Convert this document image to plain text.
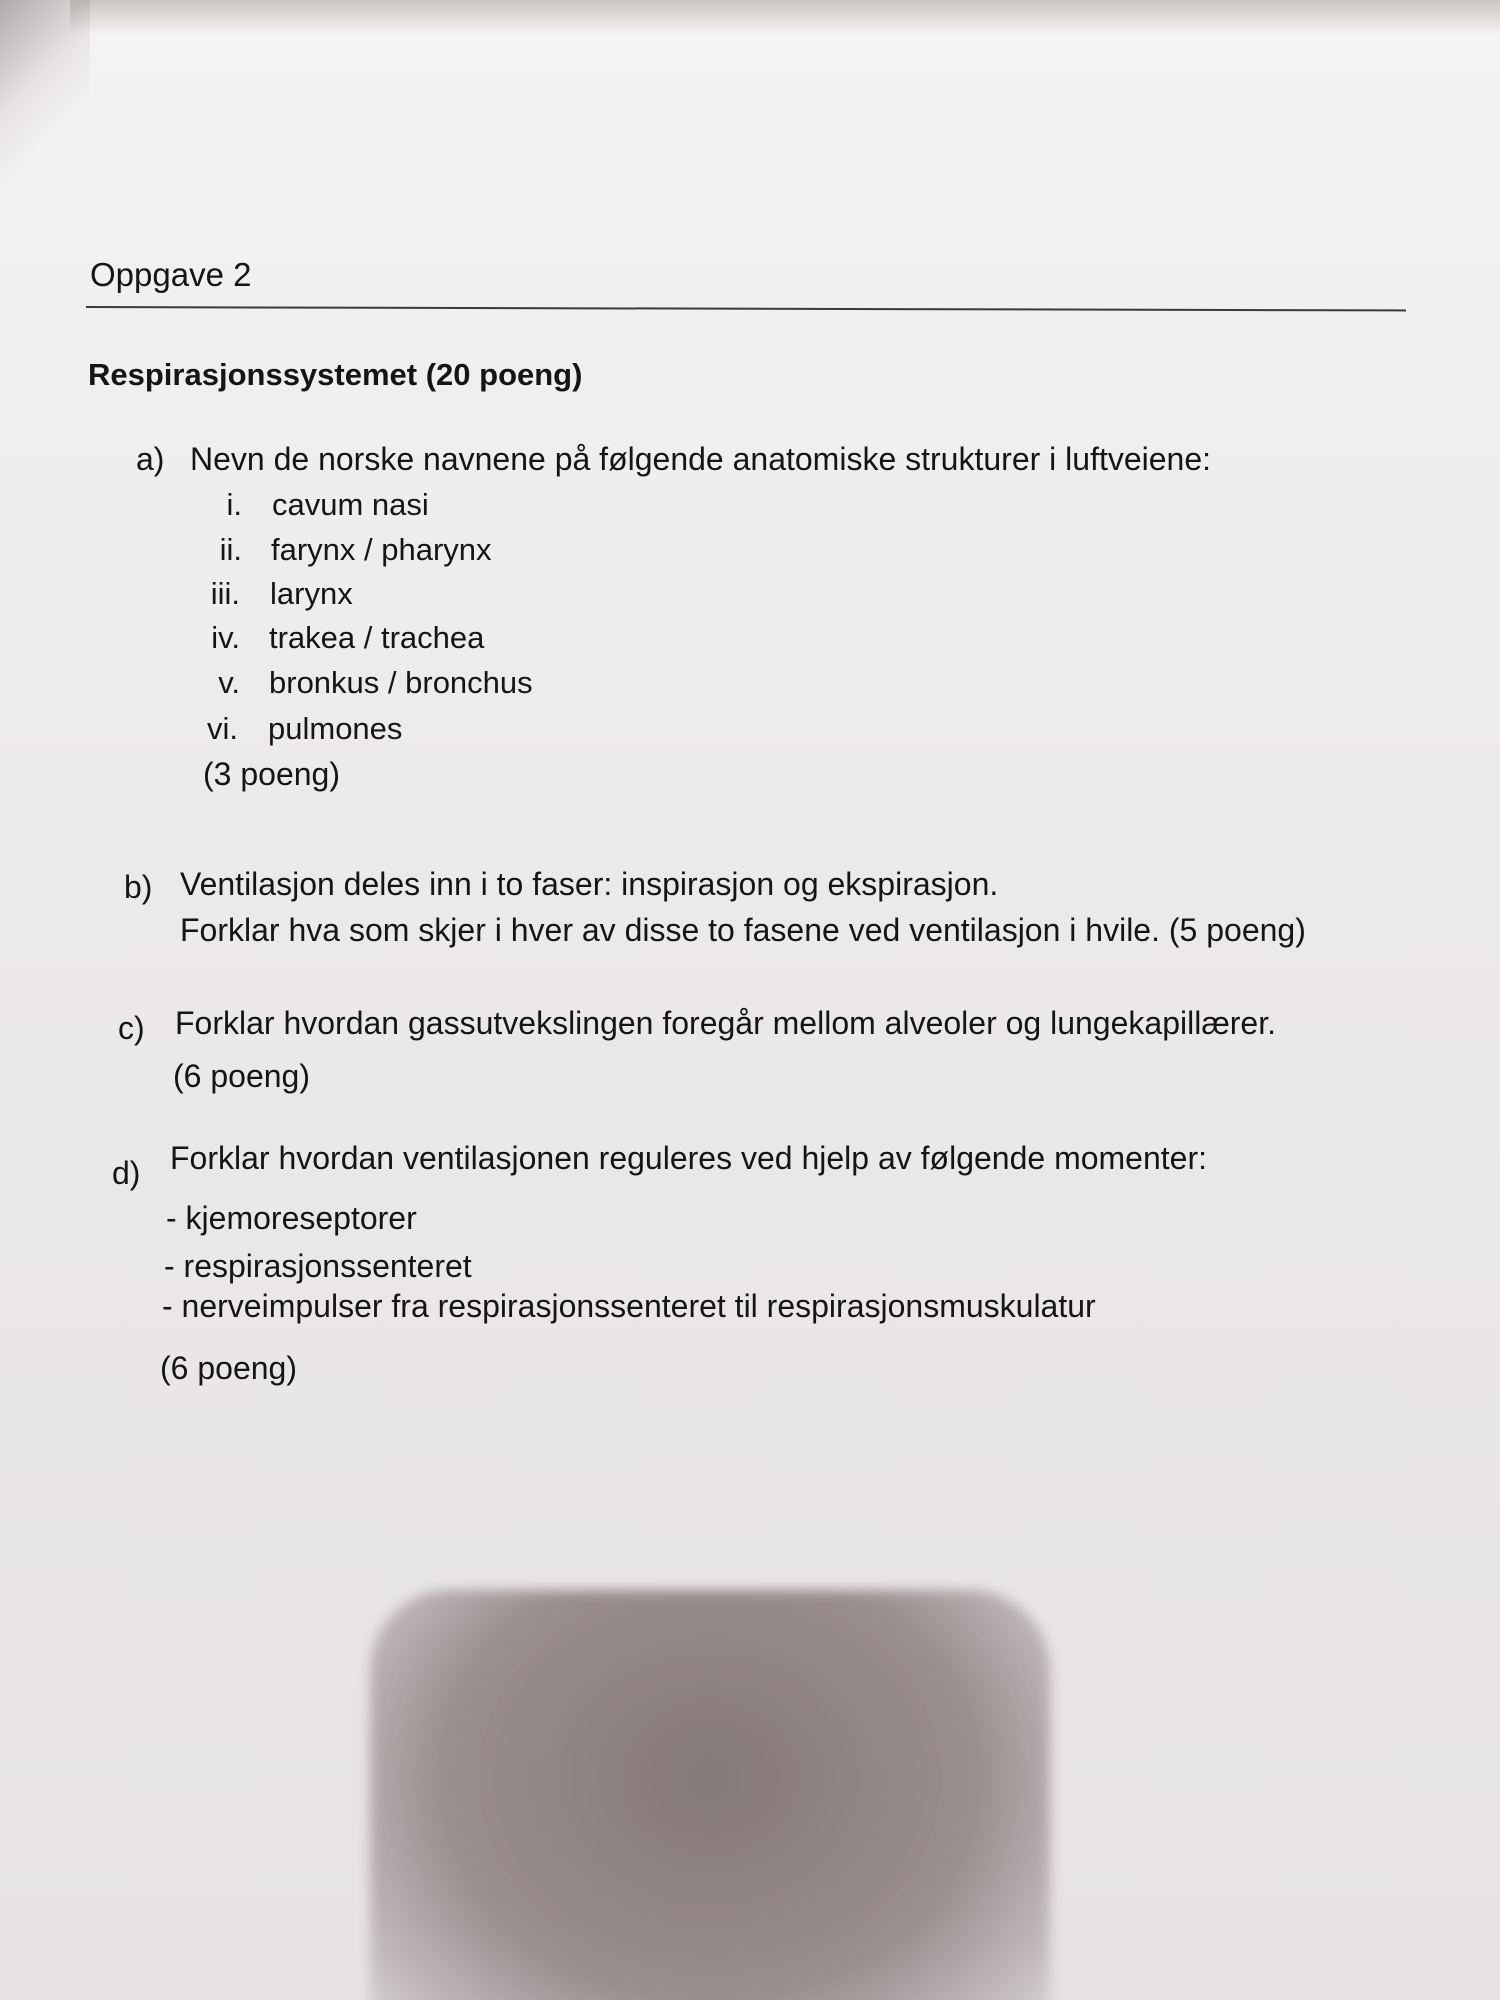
Oppgave 2
Respirasjonssystemet (20 poeng)
a) Nevn de norske navnene på følgende anatomiske strukturer i luftveiene:
i. cavum nasi
ii. farynx / pharynx
iii. larynx
iv. trakea / trachea
v. bronkus / bronchus
vi. pulmones
(3 poeng)
b) Ventilasjon deles inn i to faser: inspirasjon og ekspirasjon.
Forklar hva som skjer i hver av disse to fasene ved ventilasjon i hvile. (5 poeng)
c) Forklar hvordan gassutvekslingen foregår mellom alveoler og lungekapillærer.
(6 poeng)
d) Forklar hvordan ventilasjonen reguleres ved hjelp av følgende momenter:
- kjemoreseptorer
- respirasjonssenteret
- nerveimpulser fra respirasjonssenteret til respirasjonsmuskulatur
(6 poeng)
